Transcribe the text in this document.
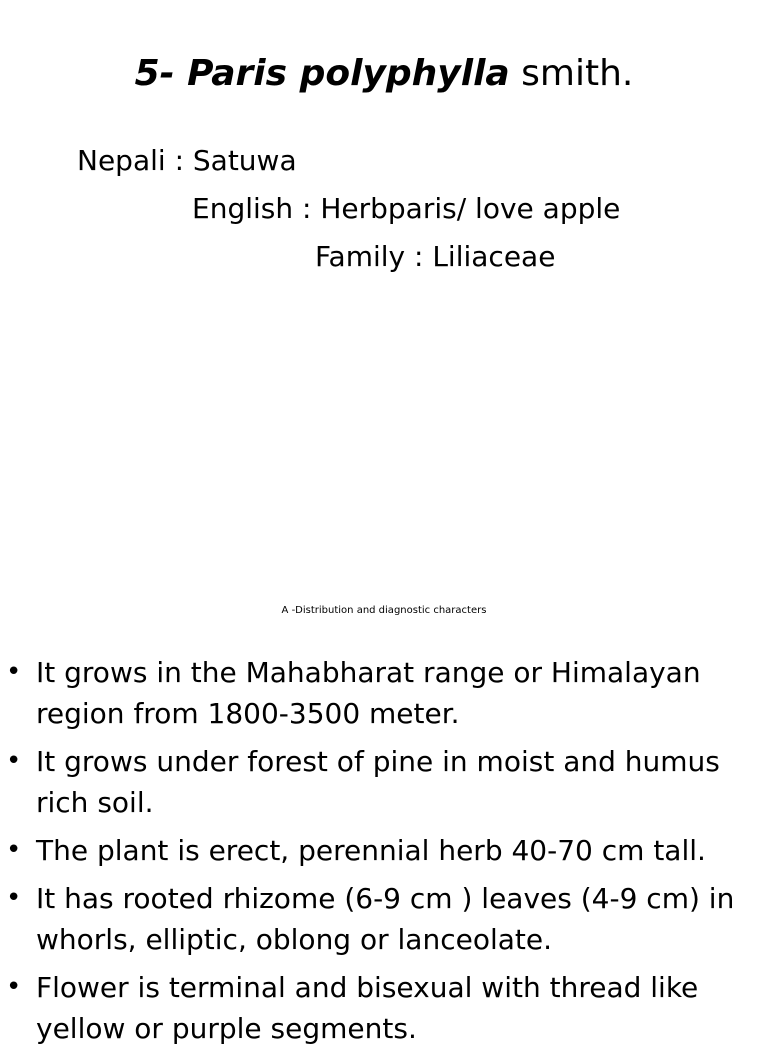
5- Paris polyphylla smith.
Nepali : Satuwa
English : Herbparis/ love apple
Family : Liliaceae
A -Distribution and diagnostic characters
• It grows in the Mahabharat range or Himalayan region from 1800-3500 meter.
• It grows under forest of pine in moist and humus rich soil.
• The plant is erect, perennial herb 40-70 cm tall.
• It has rooted rhizome (6-9 cm ) leaves (4-9 cm) in whorls, elliptic, oblong or lanceolate.
• Flower is terminal and bisexual with thread like yellow or purple segments.
